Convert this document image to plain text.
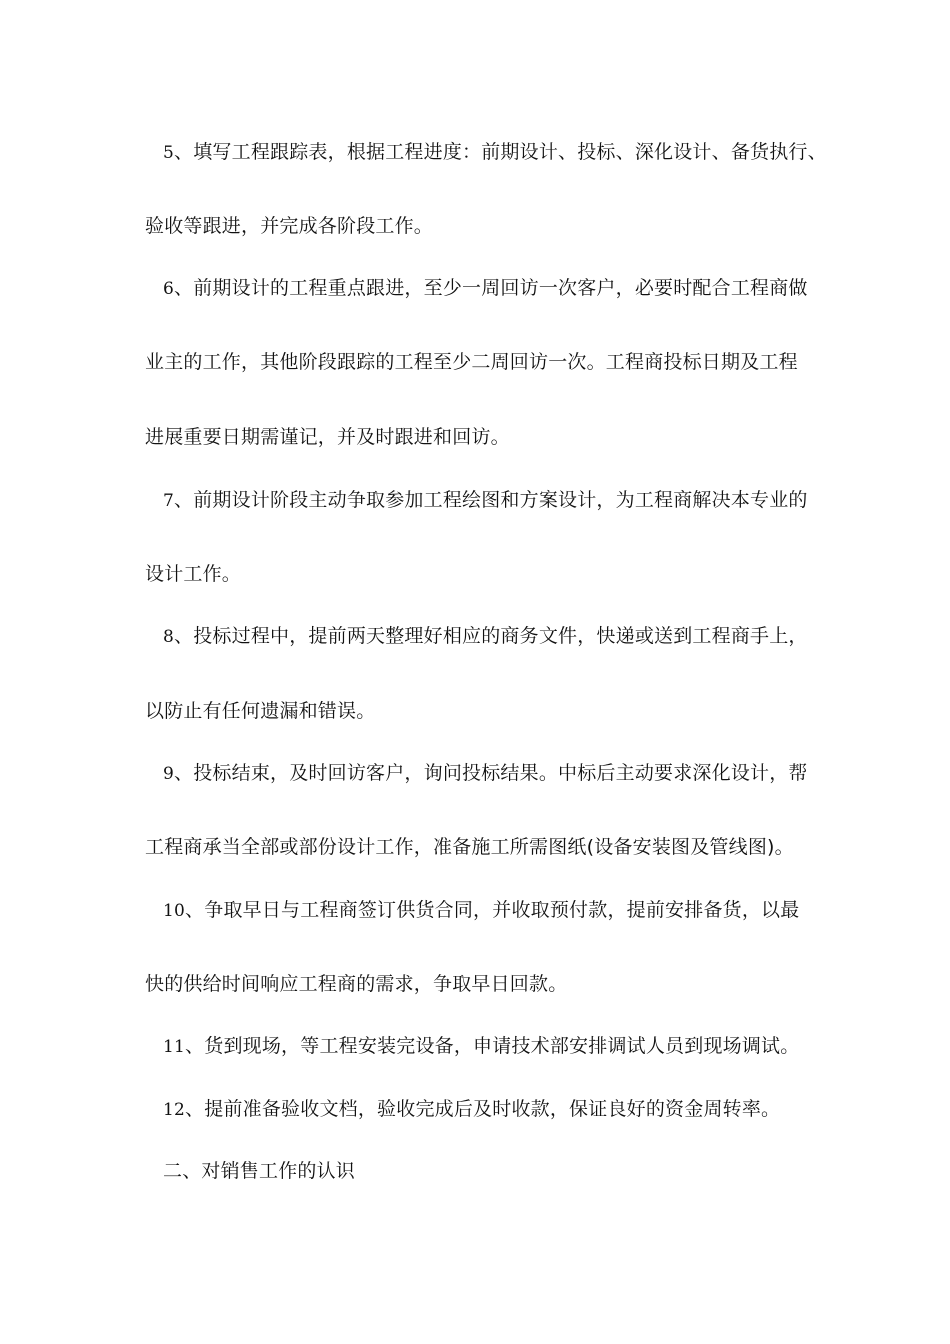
5、填写工程跟踪表，根据工程进度：前期设计、投标、深化设计、备货执行、
验收等跟进，并完成各阶段工作。
6、前期设计的工程重点跟进，至少一周回访一次客户，必要时配合工程商做
业主的工作，其他阶段跟踪的工程至少二周回访一次。工程商投标日期及工程
进展重要日期需谨记，并及时跟进和回访。
7、前期设计阶段主动争取参加工程绘图和方案设计，为工程商解决本专业的
设计工作。
8、投标过程中，提前两天整理好相应的商务文件，快递或送到工程商手上，
以防止有任何遗漏和错误。
9、投标结束，及时回访客户，询问投标结果。中标后主动要求深化设计，帮
工程商承当全部或部份设计工作，准备施工所需图纸(设备安装图及管线图)。
10、争取早日与工程商签订供货合同，并收取预付款，提前安排备货，以最
快的供给时间响应工程商的需求，争取早日回款。
11、货到现场，等工程安装完设备，申请技术部安排调试人员到现场调试。
12、提前准备验收文档，验收完成后及时收款，保证良好的资金周转率。
二、对销售工作的认识
